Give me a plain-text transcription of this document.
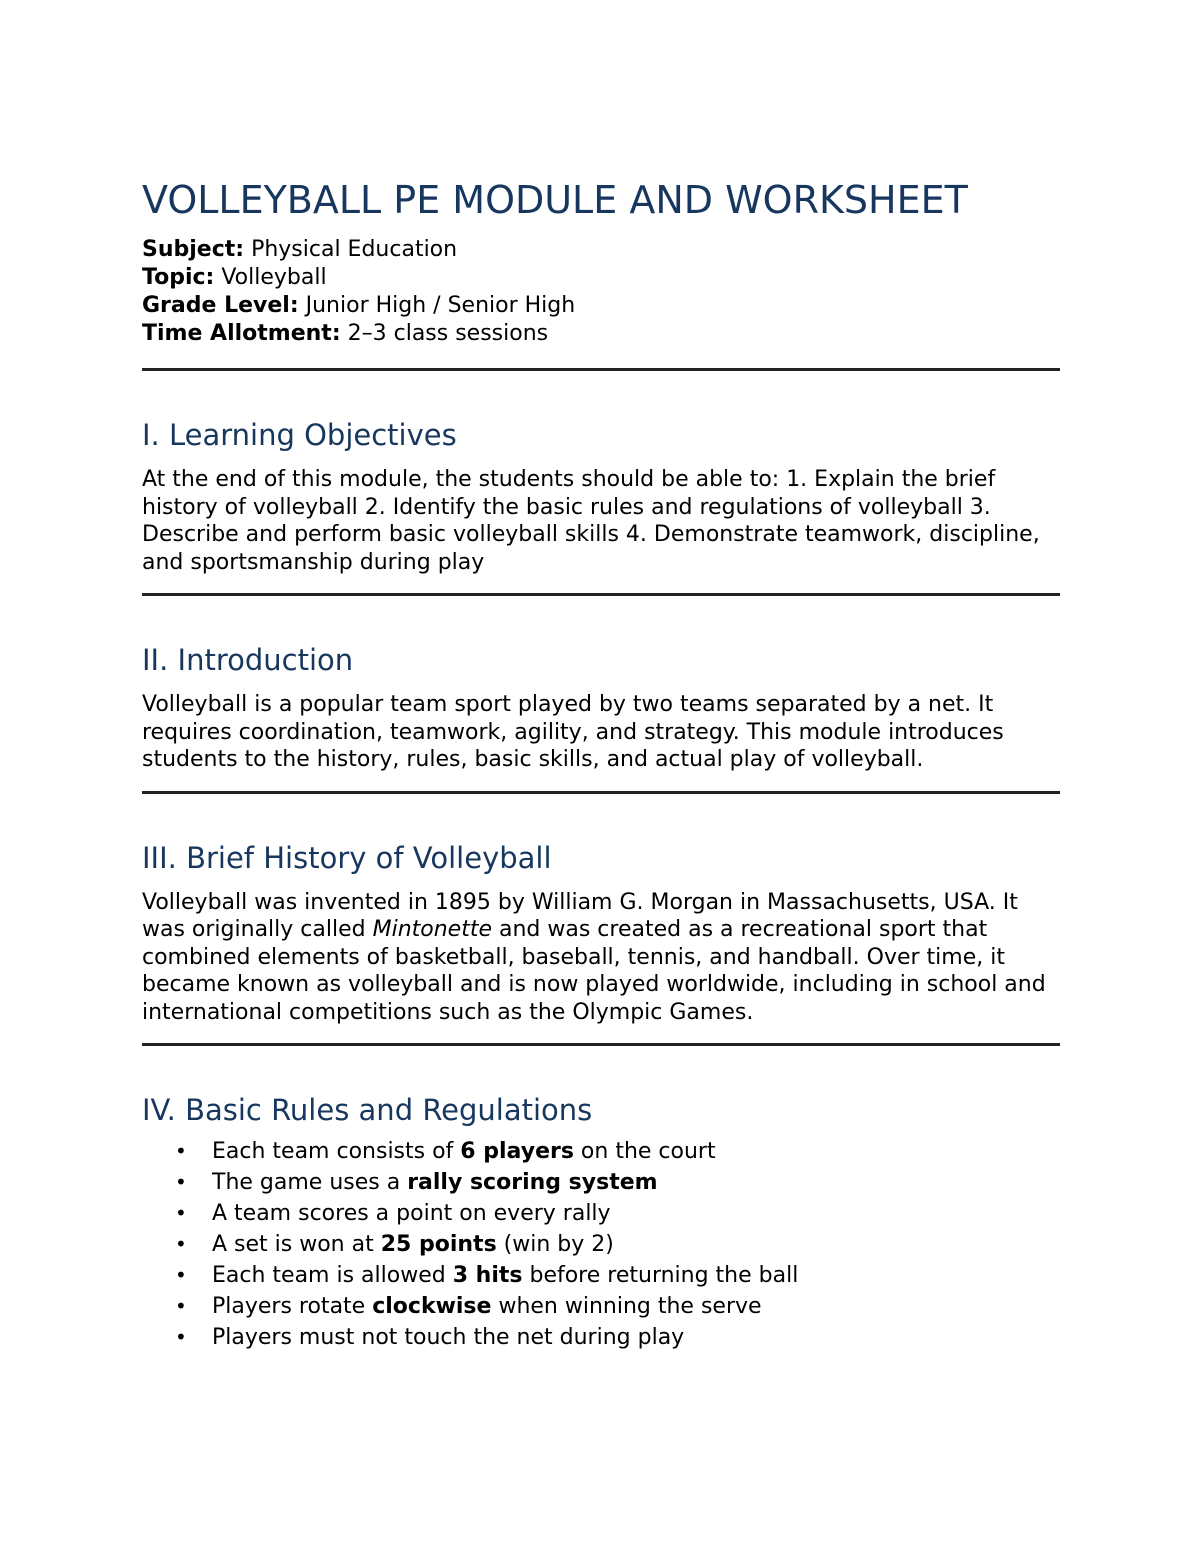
VOLLEYBALL PE MODULE AND WORKSHEET
Subject: Physical Education
Topic: Volleyball
Grade Level: Junior High / Senior High
Time Allotment: 2–3 class sessions
I. Learning Objectives

At the end of this module, the students should be able to: 1. Explain the brief history of volleyball 2. Identify the basic rules and regulations of volleyball 3. Describe and perform basic volleyball skills 4. Demonstrate teamwork, discipline, and sportsmanship during play

II. Introduction

Volleyball is a popular team sport played by two teams separated by a net. It requires coordination, teamwork, agility, and strategy. This module introduces students to the history, rules, basic skills, and actual play of volleyball.

III. Brief History of Volleyball

Volleyball was invented in 1895 by William G. Morgan in Massachusetts, USA. It was originally called Mintonette and was created as a recreational sport that combined elements of basketball, baseball, tennis, and handball. Over time, it became known as volleyball and is now played worldwide, including in school and international competitions such as the Olympic Games.

IV. Basic Rules and Regulations
• Each team consists of 6 players on the court
• The game uses a rally scoring system
• A team scores a point on every rally
• A set is won at 25 points (win by 2)
• Each team is allowed 3 hits before returning the ball
• Players rotate clockwise when winning the serve
• Players must not touch the net during play
